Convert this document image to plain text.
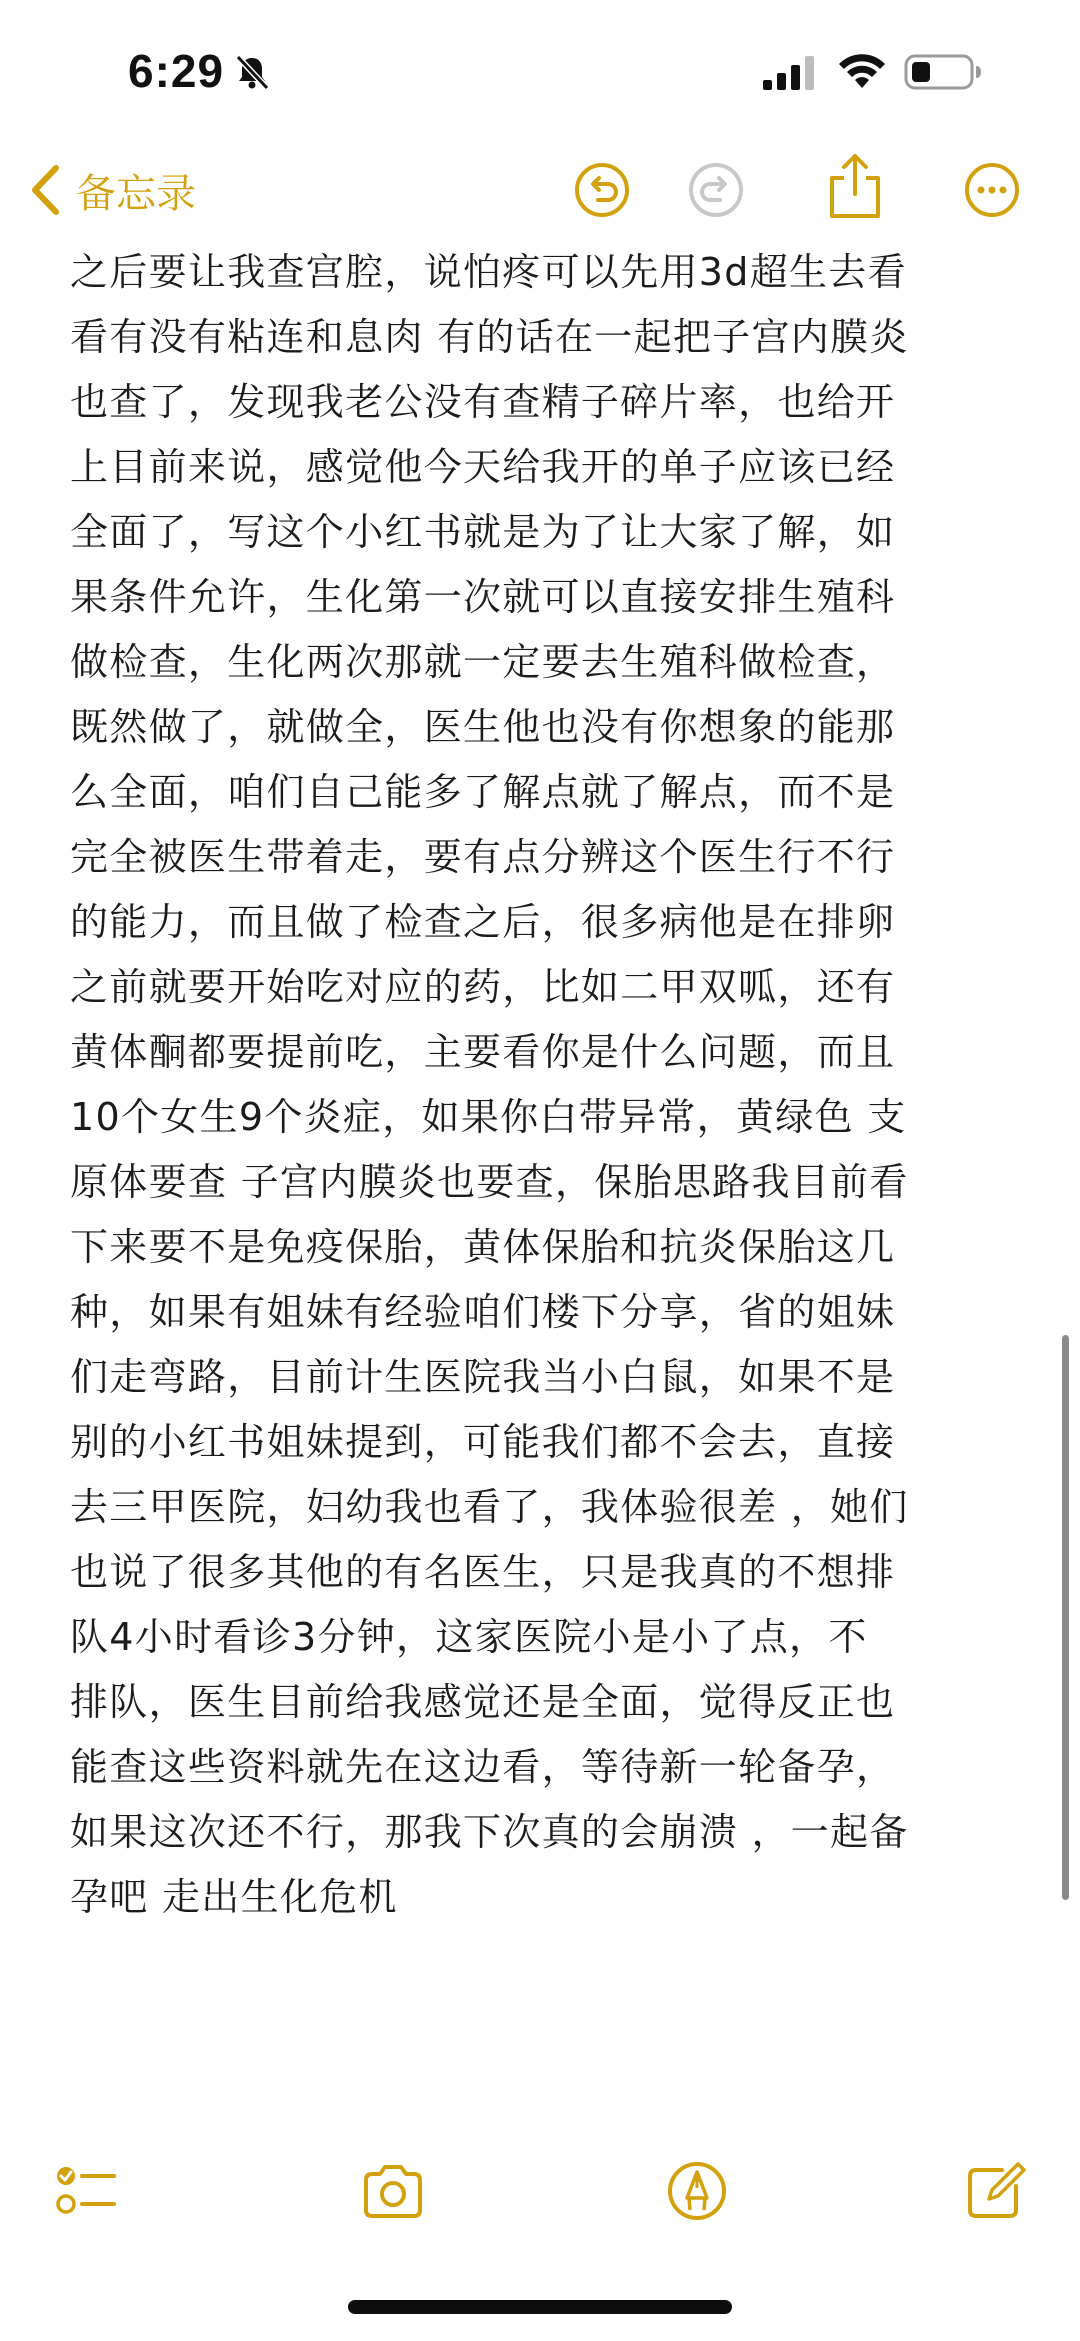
6:29
备忘录
之后要让我查宫腔，说怕疼可以先用3d超生去看
看有没有粘连和息肉 有的话在一起把子宫内膜炎
也查了，发现我老公没有查精子碎片率，也给开
上目前来说，感觉他今天给我开的单子应该已经
全面了，写这个小红书就是为了让大家了解，如
果条件允许，生化第一次就可以直接安排生殖科
做检查，生化两次那就一定要去生殖科做检查，
既然做了，就做全，医生他也没有你想象的能那
么全面，咱们自己能多了解点就了解点，而不是
完全被医生带着走，要有点分辨这个医生行不行
的能力，而且做了检查之后，很多病他是在排卵
之前就要开始吃对应的药，比如二甲双呱，还有
黄体酮都要提前吃，主要看你是什么问题，而且
10个女生9个炎症，如果你白带异常，黄绿色 支
原体要查 子宫内膜炎也要查，保胎思路我目前看
下来要不是免疫保胎，黄体保胎和抗炎保胎这几
种，如果有姐妹有经验咱们楼下分享，省的姐妹
们走弯路，目前计生医院我当小白鼠，如果不是
别的小红书姐妹提到，可能我们都不会去，直接
去三甲医院，妇幼我也看了，我体验很差 ，她们
也说了很多其他的有名医生，只是我真的不想排
队4小时看诊3分钟，这家医院小是小了点，不
排队，医生目前给我感觉还是全面，觉得反正也
能查这些资料就先在这边看，等待新一轮备孕，
如果这次还不行，那我下次真的会崩溃 ，一起备
孕吧 走出生化危机
